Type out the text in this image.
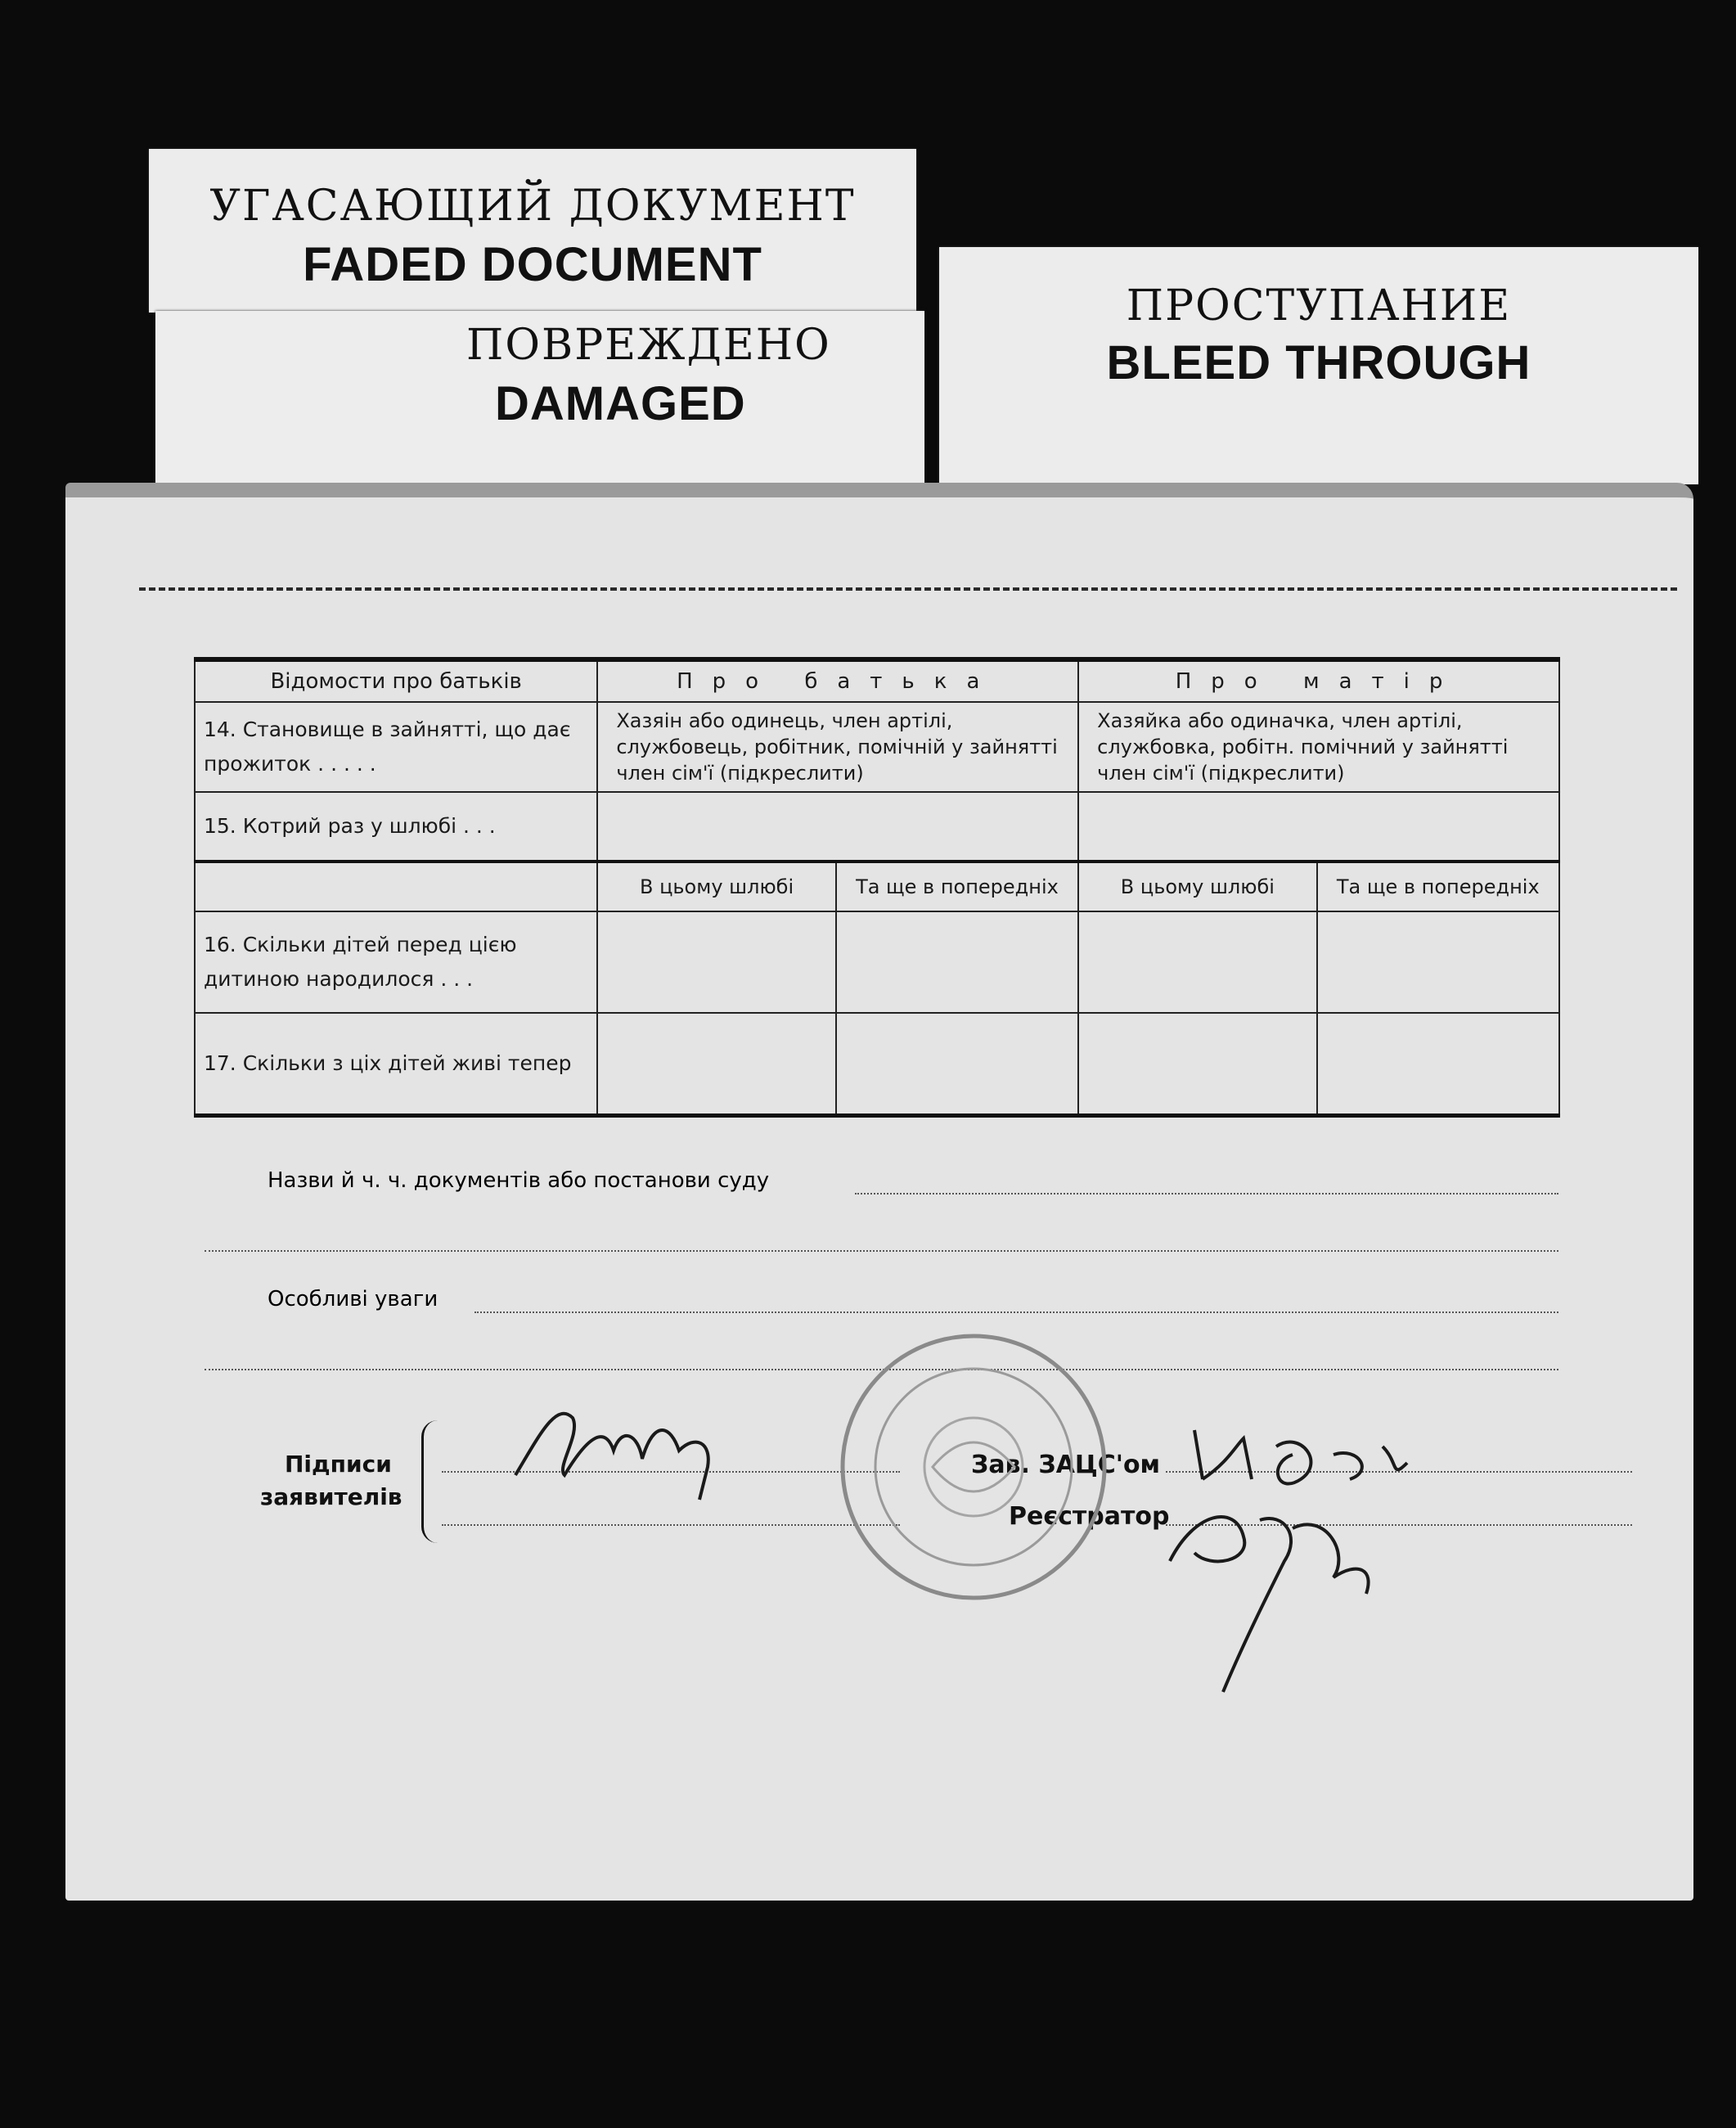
УГАСАЮЩИЙ ДОКУМЕНТ
FADED DOCUMENT
ПОВРЕЖДЕНО
DAMAGED
ПРОСТУПАНИЕ
BLEED THROUGH
Відомости про батьків	Про батька		Про матір	
14. Становище в зайнятті, що дає прожиток . . . . .	Хазяін або одинець, член артілі, службовець, робітник, помічній у зайнятті член сім'ї (підкреслити)		Хазяйка або одиначка, член артілі, службовка, робітн. помічний у зайнятті член сім'ї (підкреслити)	
15. Котрий раз у шлюбі . . .				
	В цьому шлюбі	Та ще в попередніх	В цьому шлюбі	Та ще в попередніх
16. Скільки дітей перед цією дитиною народилося . . .				
17. Скільки з ціх дітей живі тепер				
Назви й ч. ч. документів або постанови суду
Особливі уваги
Підписи
заявителів
Зав. ЗАЦС'ом
Реєстратор
